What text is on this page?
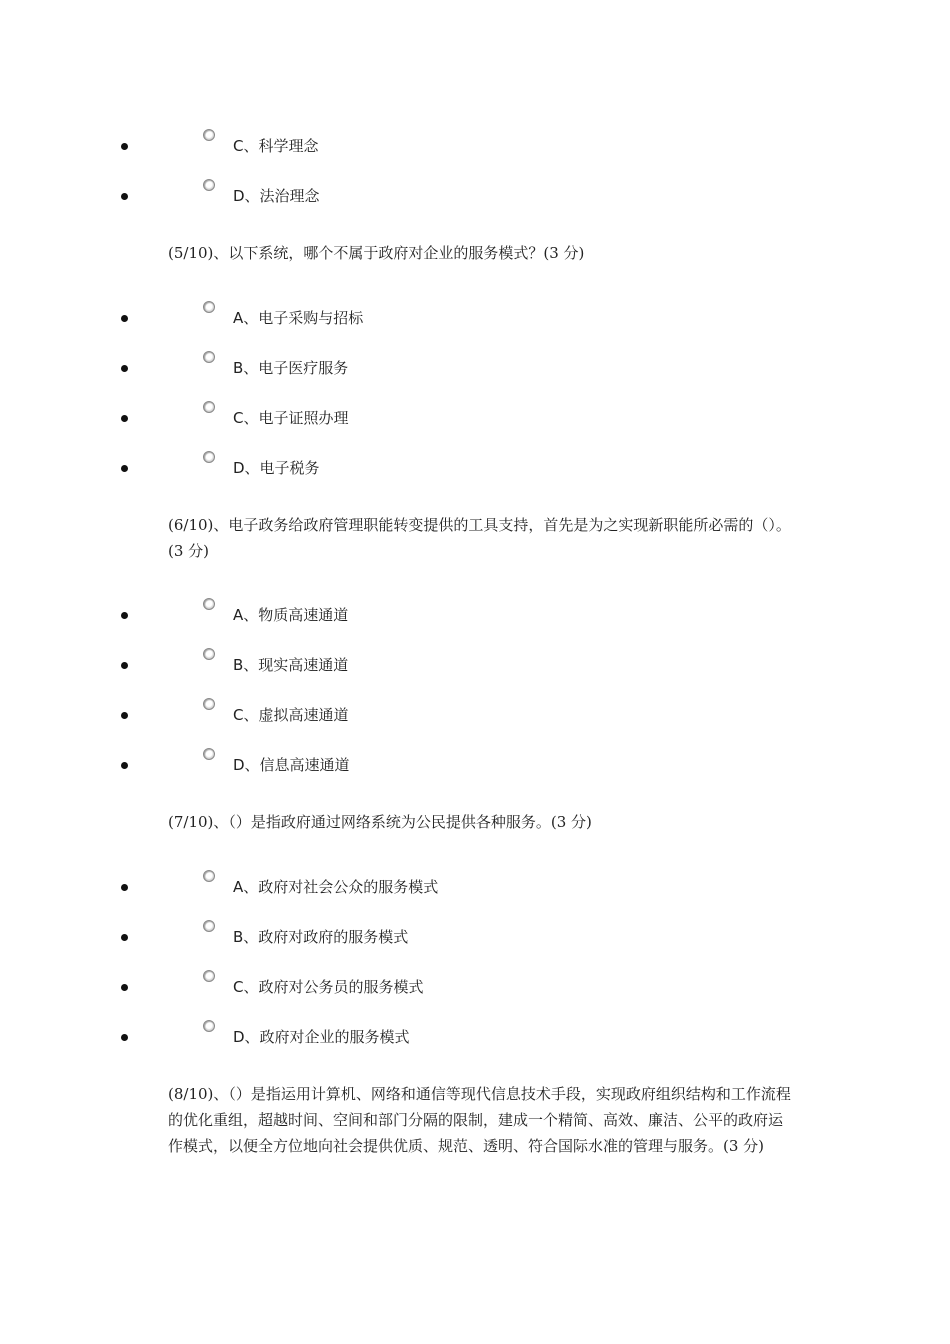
C、科学理念
D、法治理念
(5/10)、以下系统，哪个不属于政府对企业的服务模式？(3 分)
A、电子采购与招标
B、电子医疗服务
C、电子证照办理
D、电子税务
(6/10)、电子政务给政府管理职能转变提供的工具支持，首先是为之实现新职能所必需的（）。(3 分)
A、物质高速通道
B、现实高速通道
C、虚拟高速通道
D、信息高速通道
(7/10)、（）是指政府通过网络系统为公民提供各种服务。(3 分)
A、政府对社会公众的服务模式
B、政府对政府的服务模式
C、政府对公务员的服务模式
D、政府对企业的服务模式
(8/10)、（）是指运用计算机、网络和通信等现代信息技术手段，实现政府组织结构和工作流程的优化重组，超越时间、空间和部门分隔的限制，建成一个精简、高效、廉洁、公平的政府运作模式，以便全方位地向社会提供优质、规范、透明、符合国际水准的管理与服务。(3 分)
